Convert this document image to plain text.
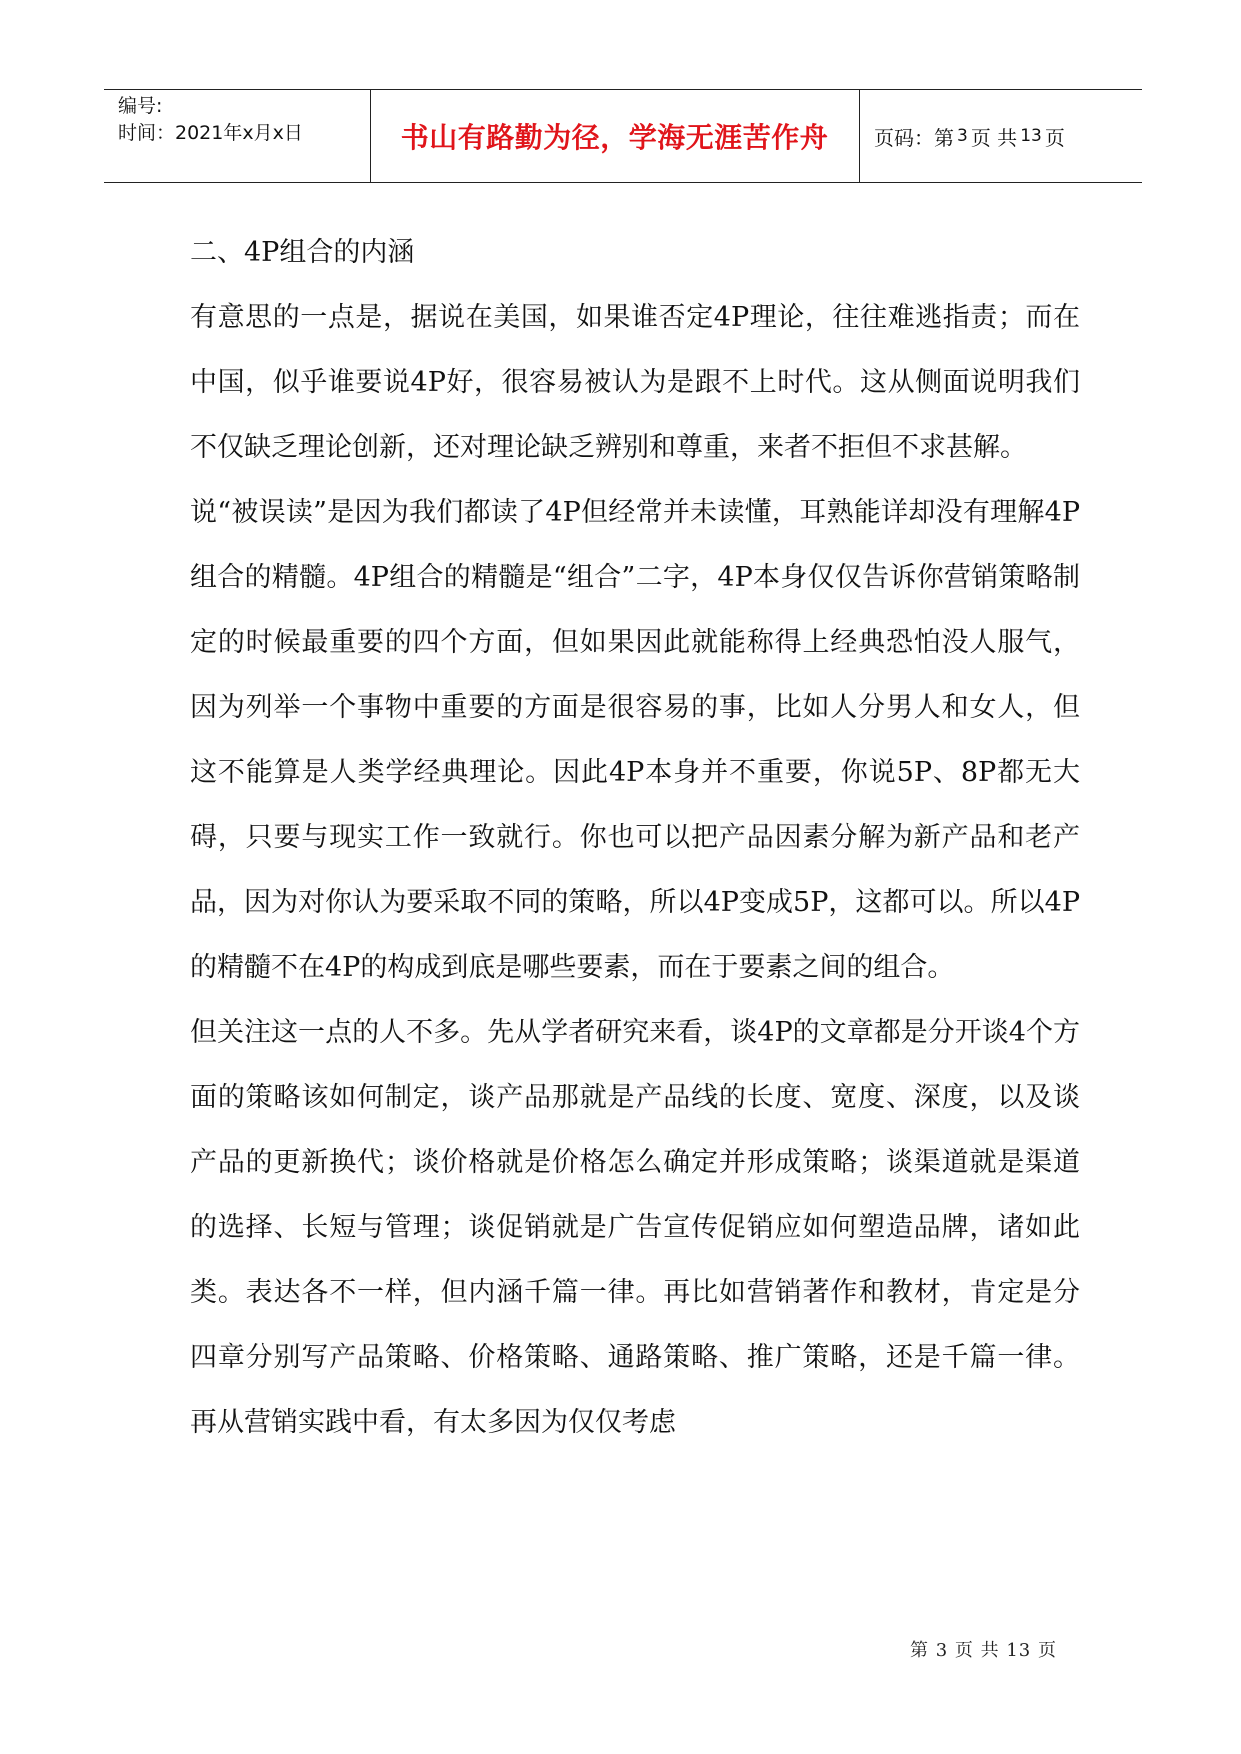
编号:
时间：2021年x月x日	书山有路勤为径，学海无涯苦作舟	页码：第 3 页 共 13 页

二、4P组合的内涵

有意思的一点是，据说在美国，如果谁否定4P理论，往往难逃指责；而在中国，似乎谁要说4P好，很容易被认为是跟不上时代。这从侧面说明我们不仅缺乏理论创新，还对理论缺乏辨别和尊重，来者不拒但不求甚解。

说“被误读”是因为我们都读了4P但经常并未读懂，耳熟能详却没有理解4P组合的精髓。4P组合的精髓是“组合”二字，4P本身仅仅告诉你营销策略制定的时候最重要的四个方面，但如果因此就能称得上经典恐怕没人服气，因为列举一个事物中重要的方面是很容易的事，比如人分男人和女人，但这不能算是人类学经典理论。因此4P本身并不重要，你说5P、8P都无大碍，只要与现实工作一致就行。你也可以把产品因素分解为新产品和老产品，因为对你认为要采取不同的策略，所以4P变成5P，这都可以。所以4P的精髓不在4P的构成到底是哪些要素，而在于要素之间的组合。

但关注这一点的人不多。先从学者研究来看，谈4P的文章都是分开谈4个方面的策略该如何制定，谈产品那就是产品线的长度、宽度、深度，以及谈产品的更新换代；谈价格就是价格怎么确定并形成策略；谈渠道就是渠道的选择、长短与管理；谈促销就是广告宣传促销应如何塑造品牌，诸如此类。表达各不一样，但内涵千篇一律。再比如营销著作和教材，肯定是分四章分别写产品策略、价格策略、通路策略、推广策略，还是千篇一律。再从营销实践中看，有太多因为仅仅考虑

第 3 页 共 13 页
